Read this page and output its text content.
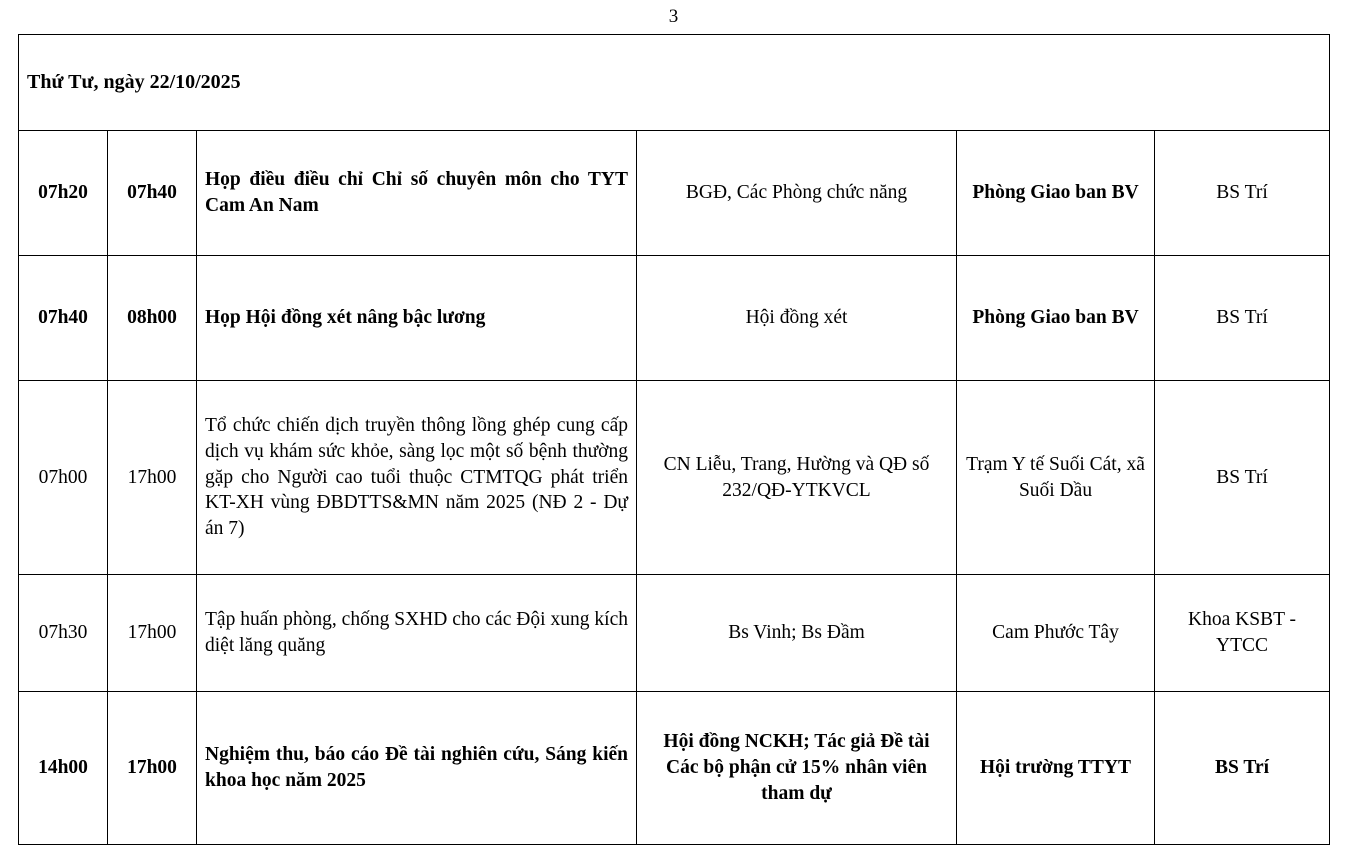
3
Thứ Tư, ngày 22/10/2025					
07h20	07h40	Họp điều điều chỉ Chỉ số chuyên môn cho TYT Cam An Nam	BGĐ, Các Phòng chức năng	Phòng Giao ban BV	BS Trí
07h40	08h00	Họp Hội đồng xét nâng bậc lương	Hội đồng xét	Phòng Giao ban BV	BS Trí
07h00	17h00	Tổ chức chiến dịch truyền thông lồng ghép cung cấp dịch vụ khám sức khỏe, sàng lọc một số bệnh thường gặp cho Người cao tuổi thuộc CTMTQG phát triển KT-XH vùng ĐBDTTS&MN năm 2025 (NĐ 2 - Dự án 7)	CN Liễu, Trang, Hường và QĐ số 232/QĐ-YTKVCL	Trạm Y tế Suối Cát, xã Suối Dầu	BS Trí
07h30	17h00	Tập huấn phòng, chống SXHD cho các Đội xung kích diệt lăng quăng	Bs Vinh; Bs Đầm	Cam Phước Tây	Khoa KSBT - YTCC
14h00	17h00	Nghiệm thu, báo cáo Đề tài nghiên cứu, Sáng kiến khoa học năm 2025	Hội đồng NCKH; Tác giả Đề tài Các bộ phận cử 15% nhân viên tham dự	Hội trường TTYT	BS Trí
